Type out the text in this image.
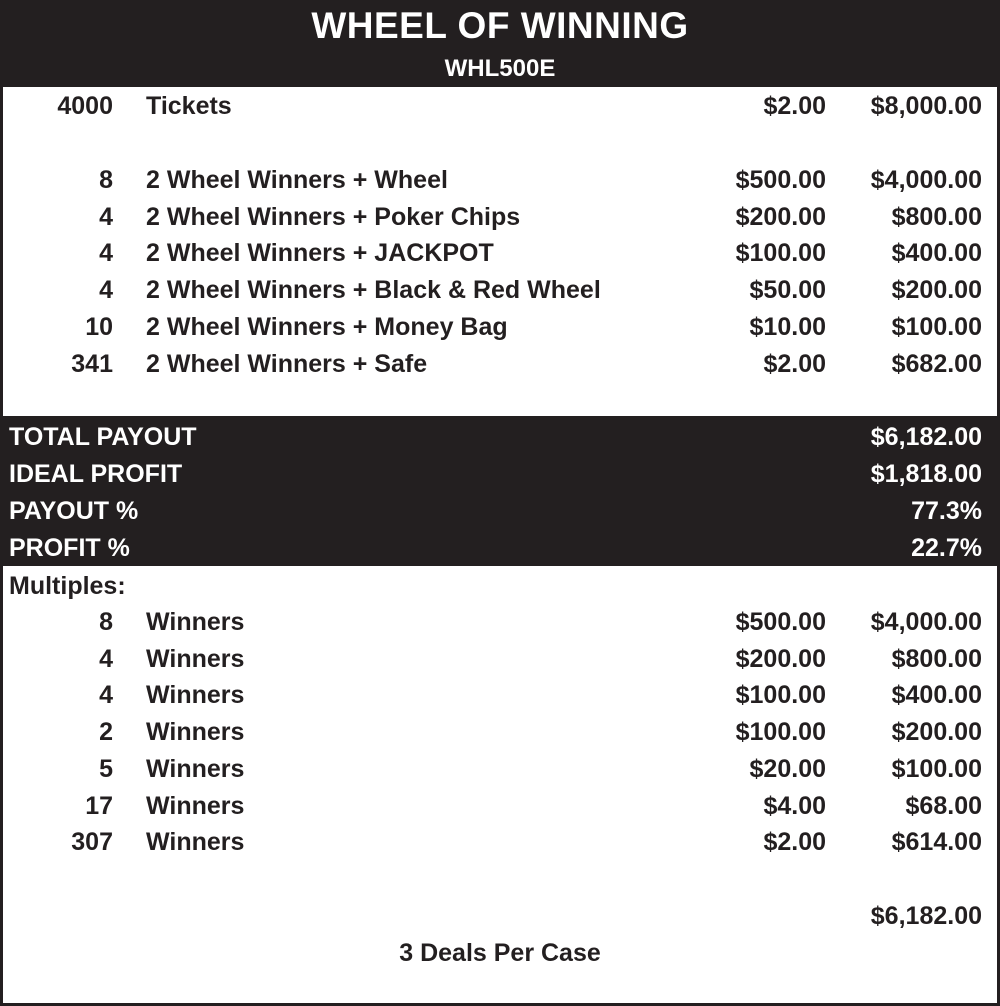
WHEEL OF WINNING
WHL500E
4000 Tickets	$2.00 $8,000.00
8 2 Wheel Winners + Wheel	$500.00 $4,000.00
4 2 Wheel Winners + Poker Chips	$200.00	$800.00
4 2 Wheel Winners + JACKPOT	$100.00	$400.00
4 2 Wheel Winners + Black & Red Wheel	$50.00	$200.00
10 2 Wheel Winners + Money Bag	$10.00	$100.00
341 2 Wheel Winners + Safe	$2.00	$682.00
TOTAL PAYOUT	$6,182.00
IDEAL PROFIT	$1,818.00
PAYOUT %	77.3%
PROFIT %	22.7%
Multiples:
8 Winners	$500.00 $4,000.00
4 Winners	$200.00	$800.00
4 Winners	$100.00	$400.00
2 Winners	$100.00	$200.00
5 Winners	$20.00	$100.00
17 Winners	$4.00	$68.00
307 Winners	$2.00	$614.00
$6,182.00
3 Deals Per Case
